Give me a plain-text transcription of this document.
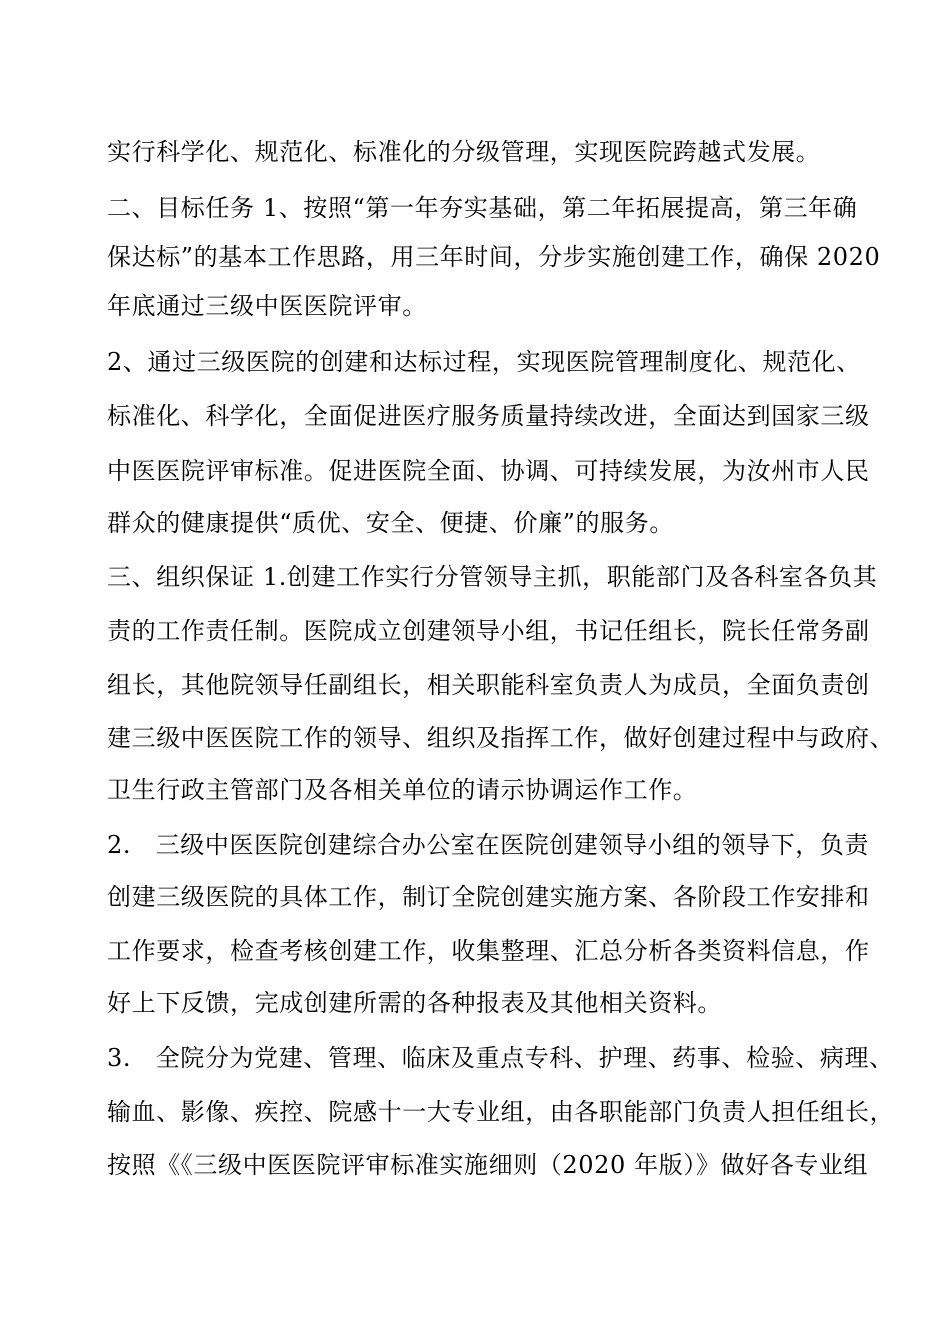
实行科学化、规范化、标准化的分级管理，实现医院跨越式发展。
二、目标任务 1、按照“第一年夯实基础，第二年拓展提高，第三年确
保达标”的基本工作思路，用三年时间，分步实施创建工作，确保 2020
年底通过三级中医医院评审。
2、通过三级医院的创建和达标过程，实现医院管理制度化、规范化、
标准化、科学化，全面促进医疗服务质量持续改进，全面达到国家三级
中医医院评审标准。促进医院全面、协调、可持续发展，为汝州市人民
群众的健康提供“质优、安全、便捷、价廉”的服务。
三、组织保证 1.创建工作实行分管领导主抓，职能部门及各科室各负其
责的工作责任制。医院成立创建领导小组，书记任组长，院长任常务副
组长，其他院领导任副组长，相关职能科室负责人为成员，全面负责创
建三级中医医院工作的领导、组织及指挥工作，做好创建过程中与政府、
卫生行政主管部门及各相关单位的请示协调运作工作。
2.　三级中医医院创建综合办公室在医院创建领导小组的领导下，负责
创建三级医院的具体工作，制订全院创建实施方案、各阶段工作安排和
工作要求，检查考核创建工作，收集整理、汇总分析各类资料信息，作
好上下反馈，完成创建所需的各种报表及其他相关资料。
3.　全院分为党建、管理、临床及重点专科、护理、药事、检验、病理、
输血、影像、疾控、院感十一大专业组，由各职能部门负责人担任组长，
按照《《三级中医医院评审标准实施细则（2020 年版）》做好各专业组
